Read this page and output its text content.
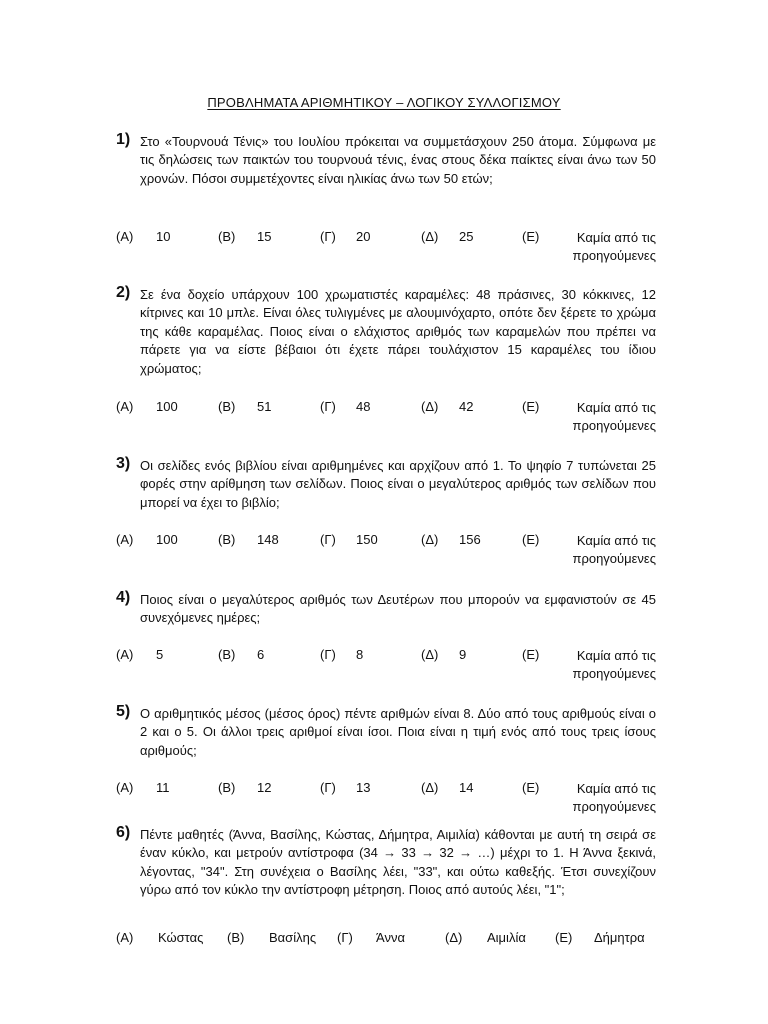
ΠΡΟΒΛΗΜΑΤΑ ΑΡΙΘΜΗΤΙΚΟΥ – ΛΟΓΙΚΟΥ ΣΥΛΛΟΓΙΣΜΟΥ
1) Στο «Τουρνουά Τένις» του Ιουλίου πρόκειται να συμμετάσχουν 250 άτομα. Σύμφωνα με τις δηλώσεις των παικτών του τουρνουά τένις, ένας στους δέκα παίκτες είναι άνω των 50 χρονών. Πόσοι συμμετέχοντες είναι ηλικίας άνω των 50 ετών;
(Α) 10	(Β) 15	(Γ) 20	(Δ) 25	(Ε)	Καμία από τις προηγούμενες
2) Σε ένα δοχείο υπάρχουν 100 χρωματιστές καραμέλες: 48 πράσινες, 30 κόκκινες, 12 κίτρινες και 10 μπλε. Είναι όλες τυλιγμένες με αλουμινόχαρτο, οπότε δεν ξέρετε το χρώμα της κάθε καραμέλας. Ποιος είναι ο ελάχιστος αριθμός των καραμελών που πρέπει να πάρετε για να είστε βέβαιοι ότι έχετε πάρει τουλάχιστον 15 καραμέλες του ίδιου χρώματος;
(Α) 100	(Β) 51	(Γ) 48	(Δ) 42	(Ε)	Καμία από τις προηγούμενες
3) Οι σελίδες ενός βιβλίου είναι αριθμημένες και αρχίζουν από 1. Το ψηφίο 7 τυπώνεται 25 φορές στην αρίθμηση των σελίδων. Ποιος είναι ο μεγαλύτερος αριθμός των σελίδων που μπορεί να έχει το βιβλίο;
(Α) 100	(Β) 148	(Γ) 150	(Δ) 156	(Ε)	Καμία από τις προηγούμενες
4) Ποιος είναι ο μεγαλύτερος αριθμός των Δευτέρων που μπορούν να εμφανιστούν σε 45 συνεχόμενες ημέρες;
(Α) 5	(Β) 6	(Γ) 8	(Δ) 9	(Ε)	Καμία από τις προηγούμενες
5) Ο αριθμητικός μέσος (μέσος όρος) πέντε αριθμών είναι 8. Δύο από τους αριθμούς είναι ο 2 και ο 5. Οι άλλοι τρεις αριθμοί είναι ίσοι. Ποια είναι η τιμή ενός από τους τρεις ίσους αριθμούς;
(Α) 11	(Β) 12	(Γ) 13	(Δ) 14	(Ε)	Καμία από τις προηγούμενες
6) Πέντε μαθητές (Άννα, Βασίλης, Κώστας, Δήμητρα, Αιμιλία) κάθονται με αυτή τη σειρά σε έναν κύκλο, και μετρούν αντίστροφα (34 → 33 → 32 → …) μέχρι το 1. Η Άννα ξεκινά, λέγοντας, "34". Στη συνέχεια ο Βασίλης λέει, "33", και ούτω καθεξής. Έτσι συνεχίζουν γύρω από τον κύκλο την αντίστροφη μέτρηση. Ποιος από αυτούς λέει, "1";
(Α) Κώστας (Β) Βασίλης (Γ) Άννα	(Δ) Αιμιλία (Ε) Δήμητρα
